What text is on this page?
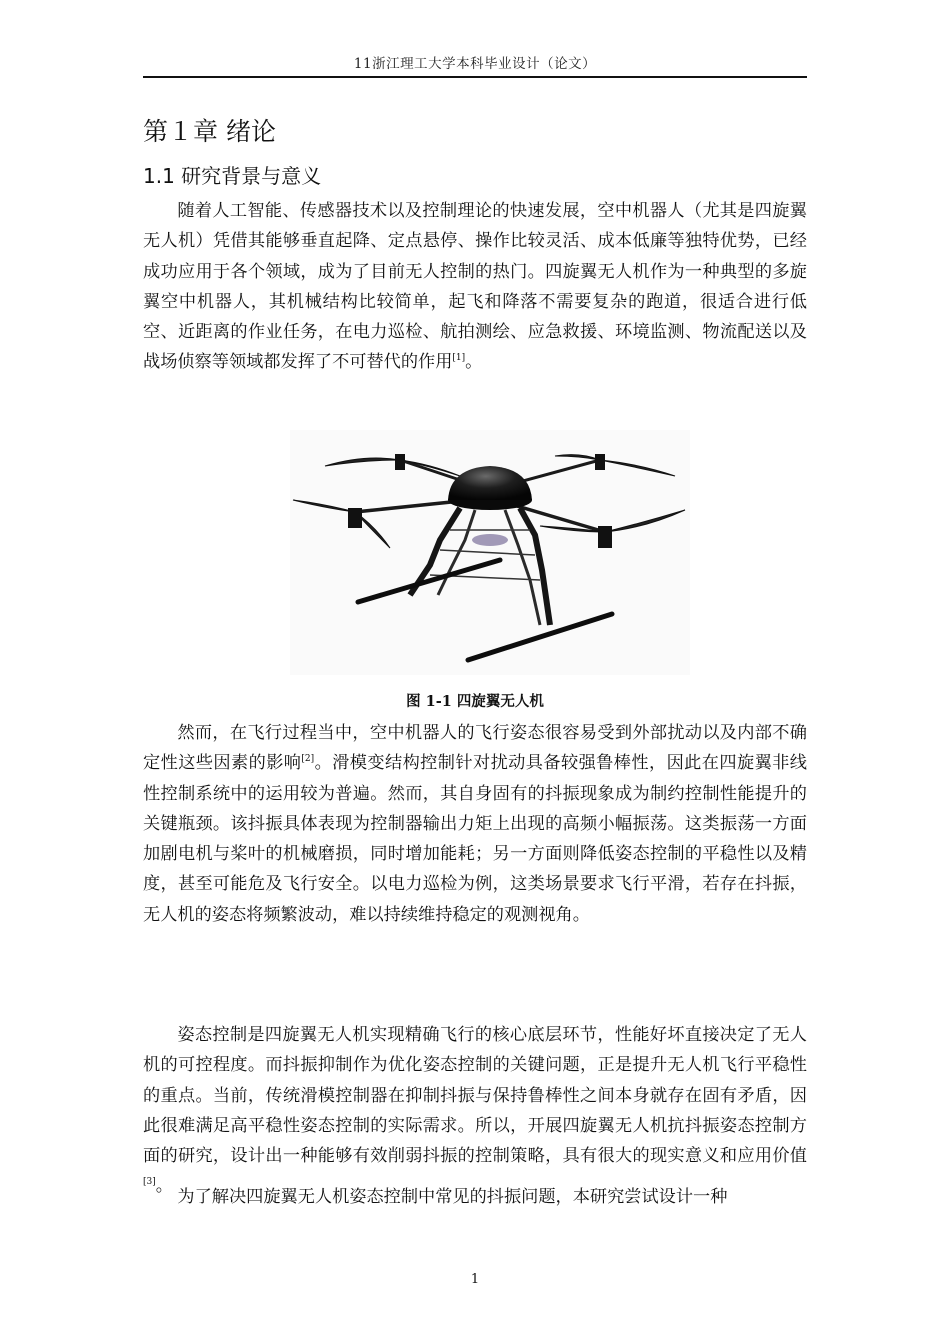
11浙江理工大学本科毕业设计（论文）
第１章 绪论
1.1 研究背景与意义

随着人工智能、传感器技术以及控制理论的快速发展，空中机器人（尤其是四旋翼无人机）凭借其能够垂直起降、定点悬停、操作比较灵活、成本低廉等独特优势，已经成功应用于各个领域，成为了目前无人控制的热门。四旋翼无人机作为一种典型的多旋翼空中机器人，其机械结构比较简单，起飞和降落不需要复杂的跑道，很适合进行低空、近距离的作业任务，在电力巡检、航拍测绘、应急救援、环境监测、物流配送以及战场侦察等领域都发挥了不可替代的作用[1]。

图 1-1 四旋翼无人机

然而，在飞行过程当中，空中机器人的飞行姿态很容易受到外部扰动以及内部不确定性这些因素的影响[2]。滑模变结构控制针对扰动具备较强鲁棒性，因此在四旋翼非线性控制系统中的运用较为普遍。然而，其自身固有的抖振现象成为制约控制性能提升的关键瓶颈。该抖振具体表现为控制器输出力矩上出现的高频小幅振荡。这类振荡一方面加剧电机与桨叶的机械磨损，同时增加能耗；另一方面则降低姿态控制的平稳性以及精度，甚至可能危及飞行安全。以电力巡检为例，这类场景要求飞行平滑，若存在抖振，无人机的姿态将频繁波动，难以持续维持稳定的观测视角。

姿态控制是四旋翼无人机实现精确飞行的核心底层环节，性能好坏直接决定了无人机的可控程度。而抖振抑制作为优化姿态控制的关键问题，正是提升无人机飞行平稳性的重点。当前，传统滑模控制器在抑制抖振与保持鲁棒性之间本身就存在固有矛盾，因此很难满足高平稳性姿态控制的实际需求。所以，开展四旋翼无人机抗抖振姿态控制方面的研究，设计出一种能够有效削弱抖振的控制策略，具有很大的现实意义和应用价值[3]。

为了解决四旋翼无人机姿态控制中常见的抖振问题，本研究尝试设计一种

1
